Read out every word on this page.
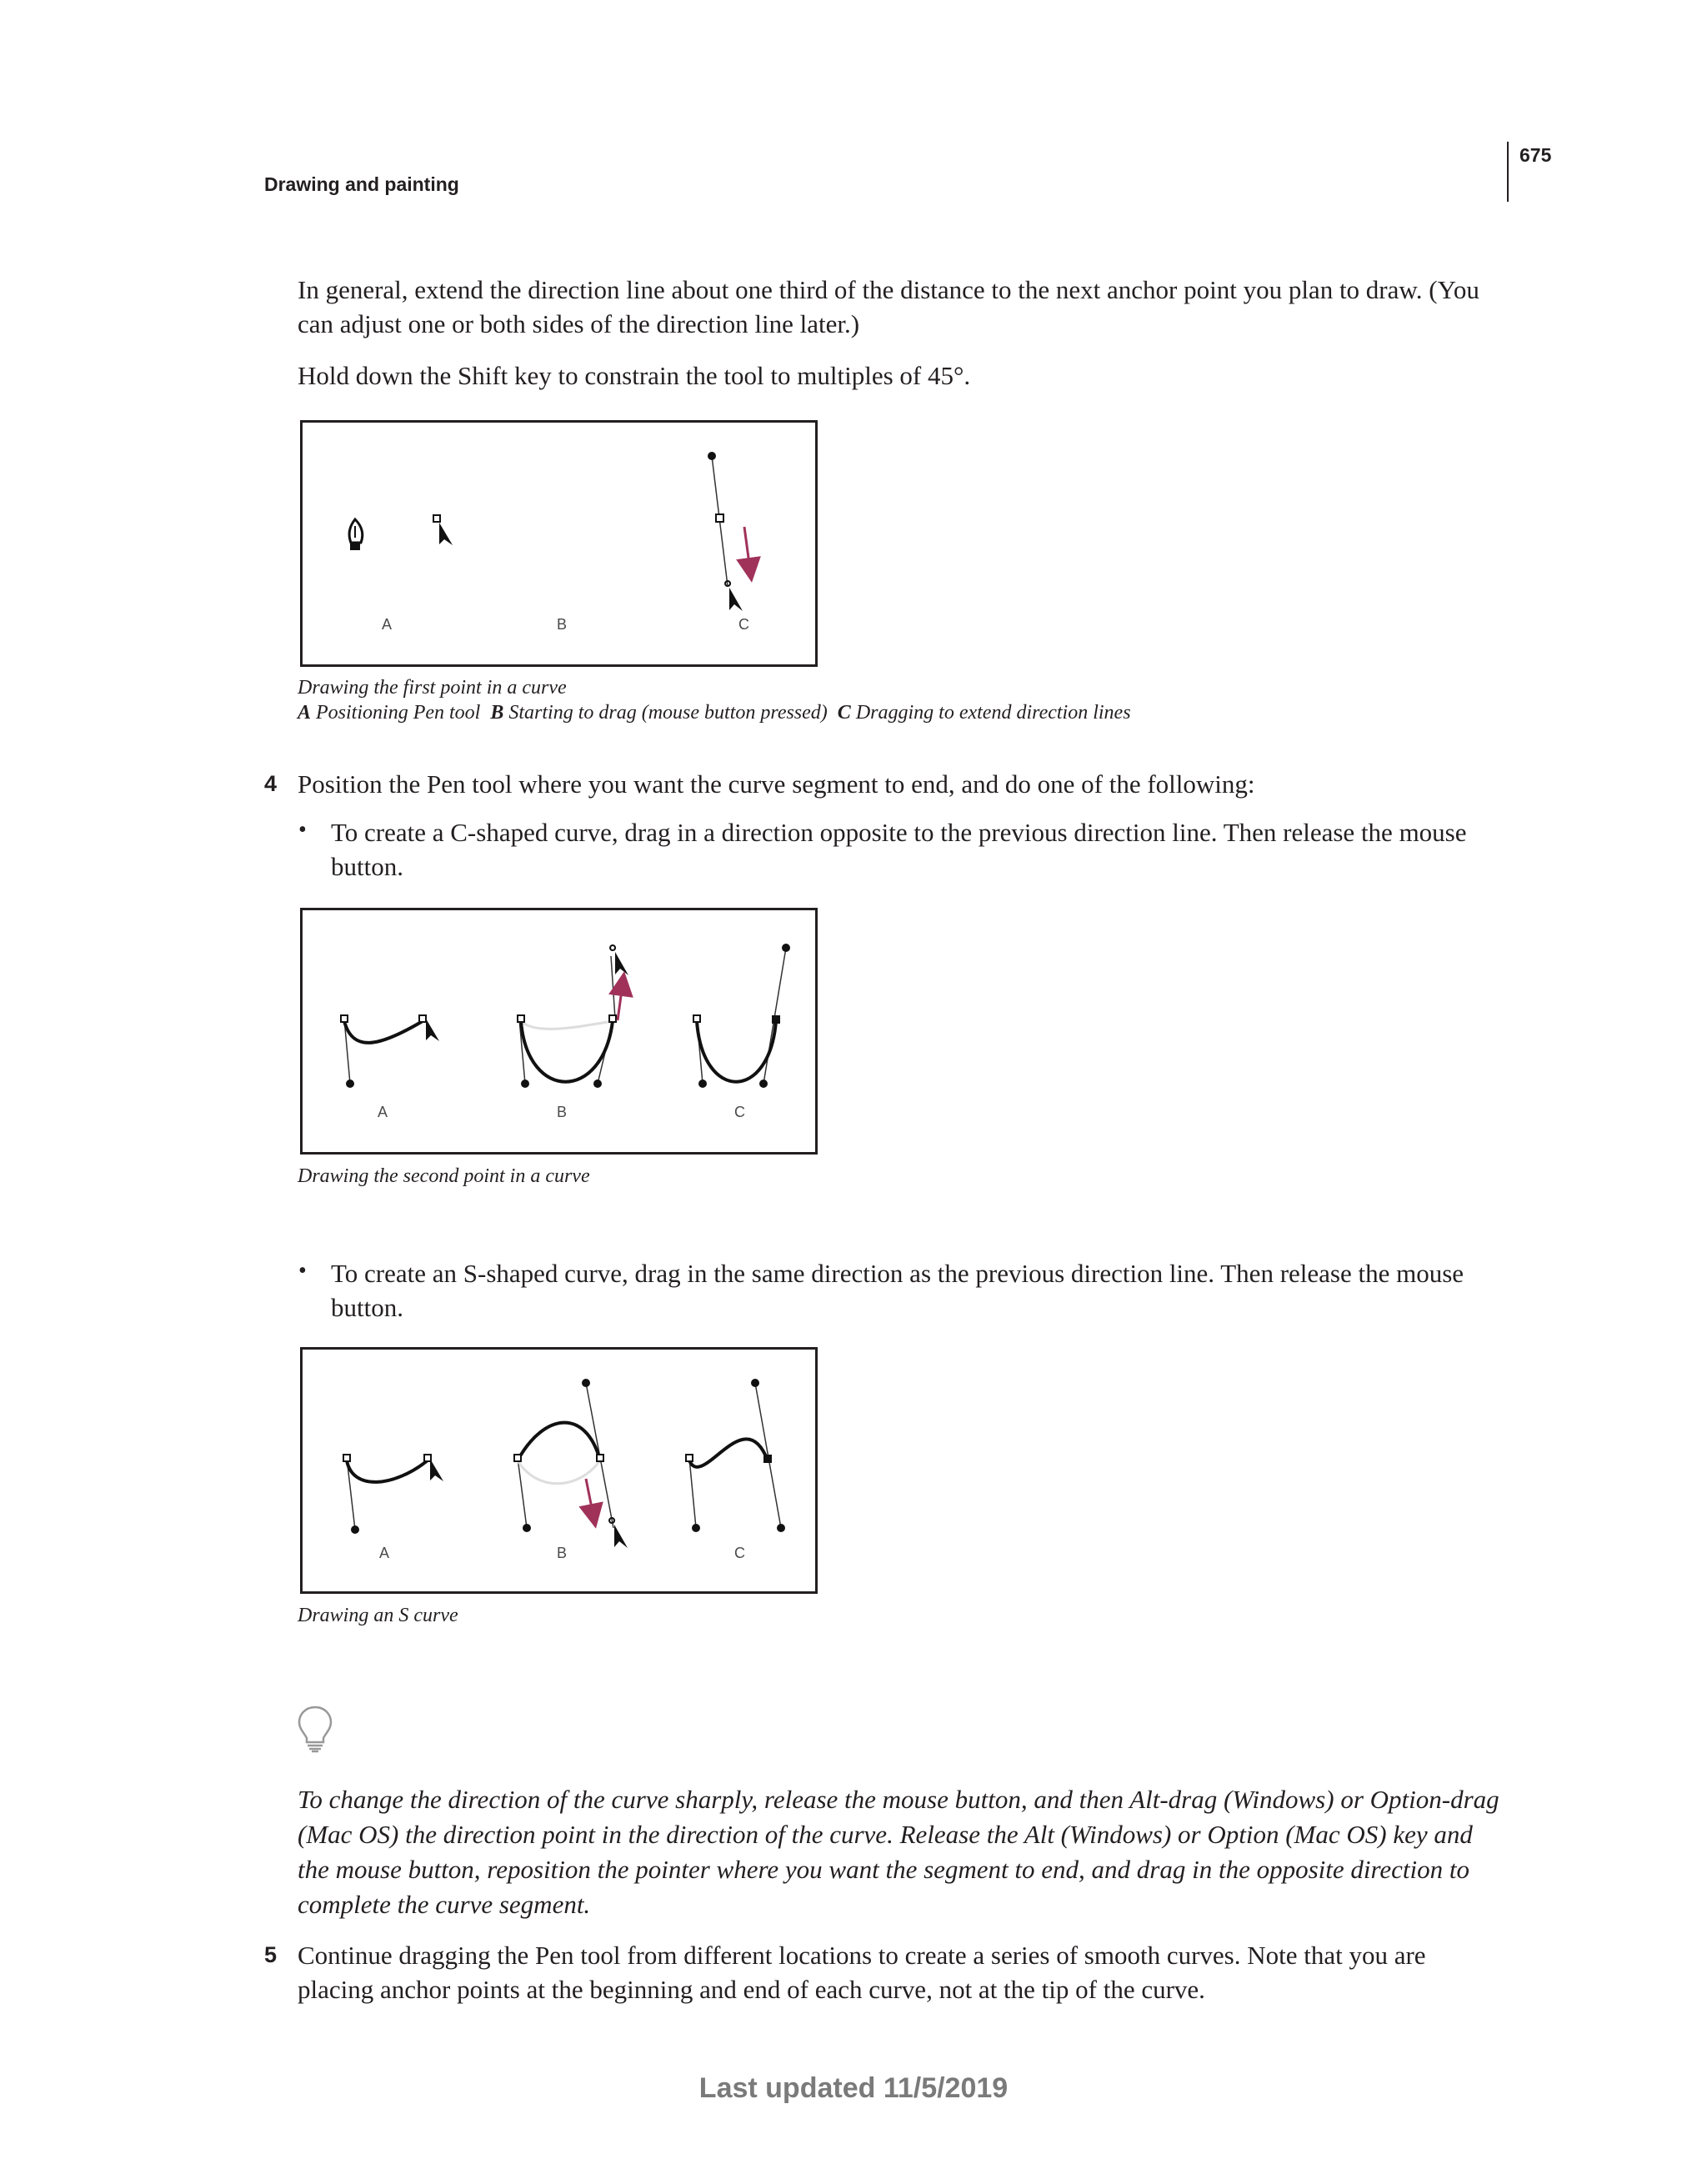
Drawing and painting
675
In general, extend the direction line about one third of the distance to the next anchor point you plan to draw. (You can adjust one or both sides of the direction line later.)
Hold down the Shift key to constrain the tool to multiples of 45°.
A	B	C
Drawing the first point in a curve
A Positioning Pen tool B Starting to drag (mouse button pressed) C Dragging to extend direction lines
4 Position the Pen tool where you want the curve segment to end, and do one of the following:
• To create a C-shaped curve, drag in a direction opposite to the previous direction line. Then release the mouse button.
A	B	C
Drawing the second point in a curve
• To create an S-shaped curve, drag in the same direction as the previous direction line. Then release the mouse button.
A	B	C
Drawing an S curve
To change the direction of the curve sharply, release the mouse button, and then Alt-drag (Windows) or Option-drag (Mac OS) the direction point in the direction of the curve. Release the Alt (Windows) or Option (Mac OS) key and the mouse button, reposition the pointer where you want the segment to end, and drag in the opposite direction to complete the curve segment.
5 Continue dragging the Pen tool from different locations to create a series of smooth curves. Note that you are placing anchor points at the beginning and end of each curve, not at the tip of the curve.
Last updated 11/5/2019
